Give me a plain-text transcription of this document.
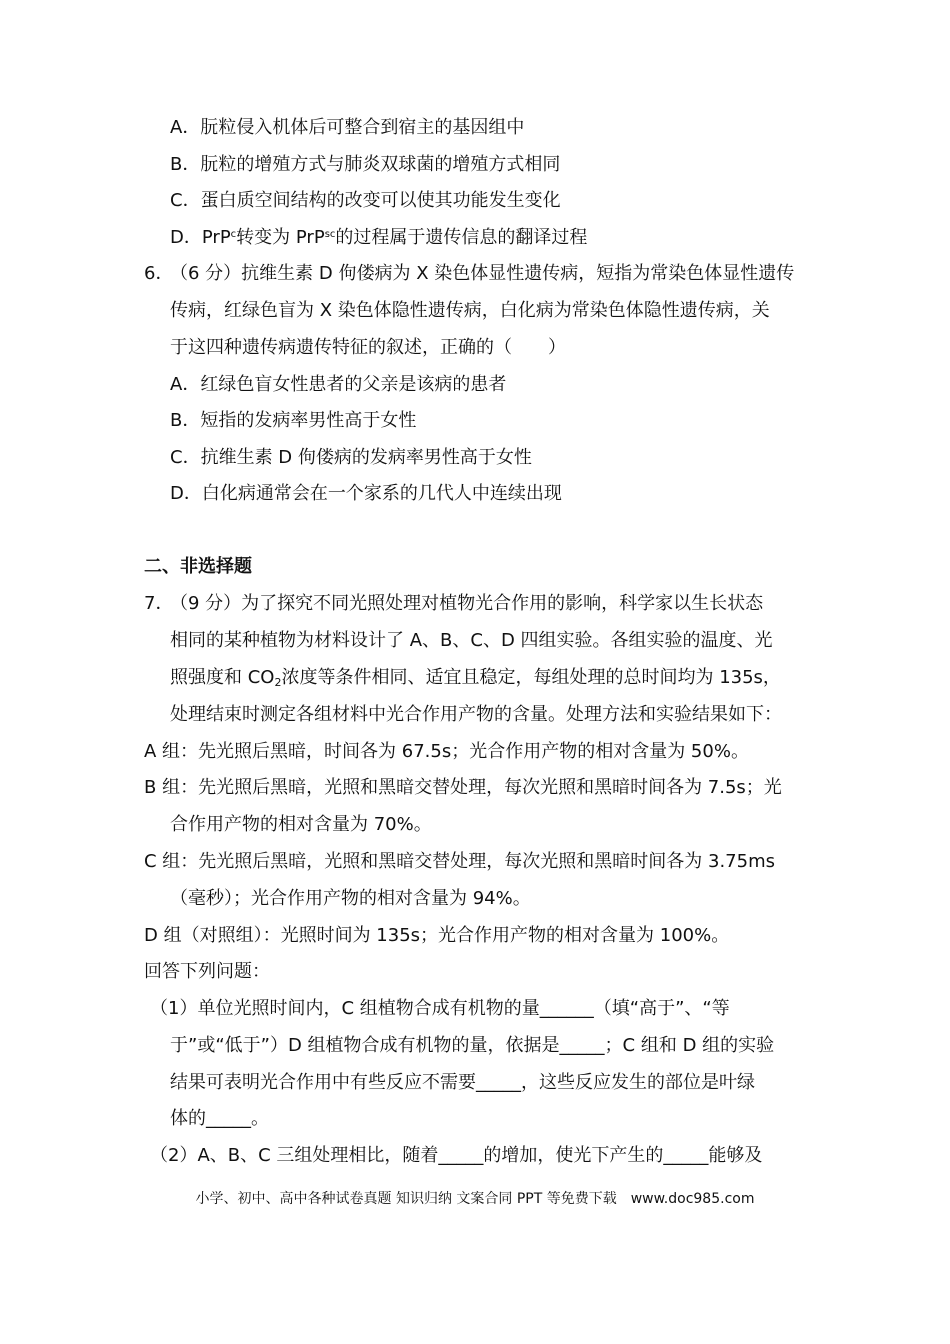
A．朊粒侵入机体后可整合到宿主的基因组中
B．朊粒的增殖方式与肺炎双球菌的增殖方式相同
C．蛋白质空间结构的改变可以使其功能发生变化
D．PrP$^c$转变为 PrP$^{sc}$的过程属于遗传信息的翻译过程
6．
（6 分）抗维生素 D 佝偻病为 X 染色体显性遗传病，短指为常染色体显性遗传
传病，红绿色盲为 X 染色体隐性遗传病，白化病为常染色体隐性遗传病，关
于这四种遗传病遗传特征的叙述，正确的（　　）
A．红绿色盲女性患者的父亲是该病的患者
B．短指的发病率男性高于女性
C．抗维生素 D 佝偻病的发病率男性高于女性
D．白化病通常会在一个家系的几代人中连续出现
二、非选择题
7．
（9 分）为了探究不同光照处理对植物光合作用的影响，科学家以生长状态
相同的某种植物为材料设计了 A、B、C、D 四组实验。各组实验的温度、光
照强度和 $CO_2$浓度等条件相同、适宜且稳定，每组处理的总时间均为 135s，
处理结束时测定各组材料中光合作用产物的含量。处理方法和实验结果如下：
A 组：先光照后黑暗，时间各为 67.5s；光合作用产物的相对含量为 50%。
B 组：先光照后黑暗，光照和黑暗交替处理，每次光照和黑暗时间各为 7.5s；光
合作用产物的相对含量为 70%。
C 组：先光照后黑暗，光照和黑暗交替处理，每次光照和黑暗时间各为 3.75ms
（毫秒）；光合作用产物的相对含量为 94%。
D 组（对照组）：光照时间为 135s；光合作用产物的相对含量为 100%。
回答下列问题：
（1）单位光照时间内，C 组植物合成有机物的量______（填“高于”、“等
于”或“低于”）D 组植物合成有机物的量，依据是_____；C 组和 D 组的实验
结果可表明光合作用中有些反应不需要_____，这些反应发生的部位是叶绿
体的_____。
（2）A、B、C 三组处理相比，随着_____的增加，使光下产生的_____能够及
小学、初中、高中各种试卷真题 知识归纳 文案合同 PPT 等免费下载　www.doc985.com
